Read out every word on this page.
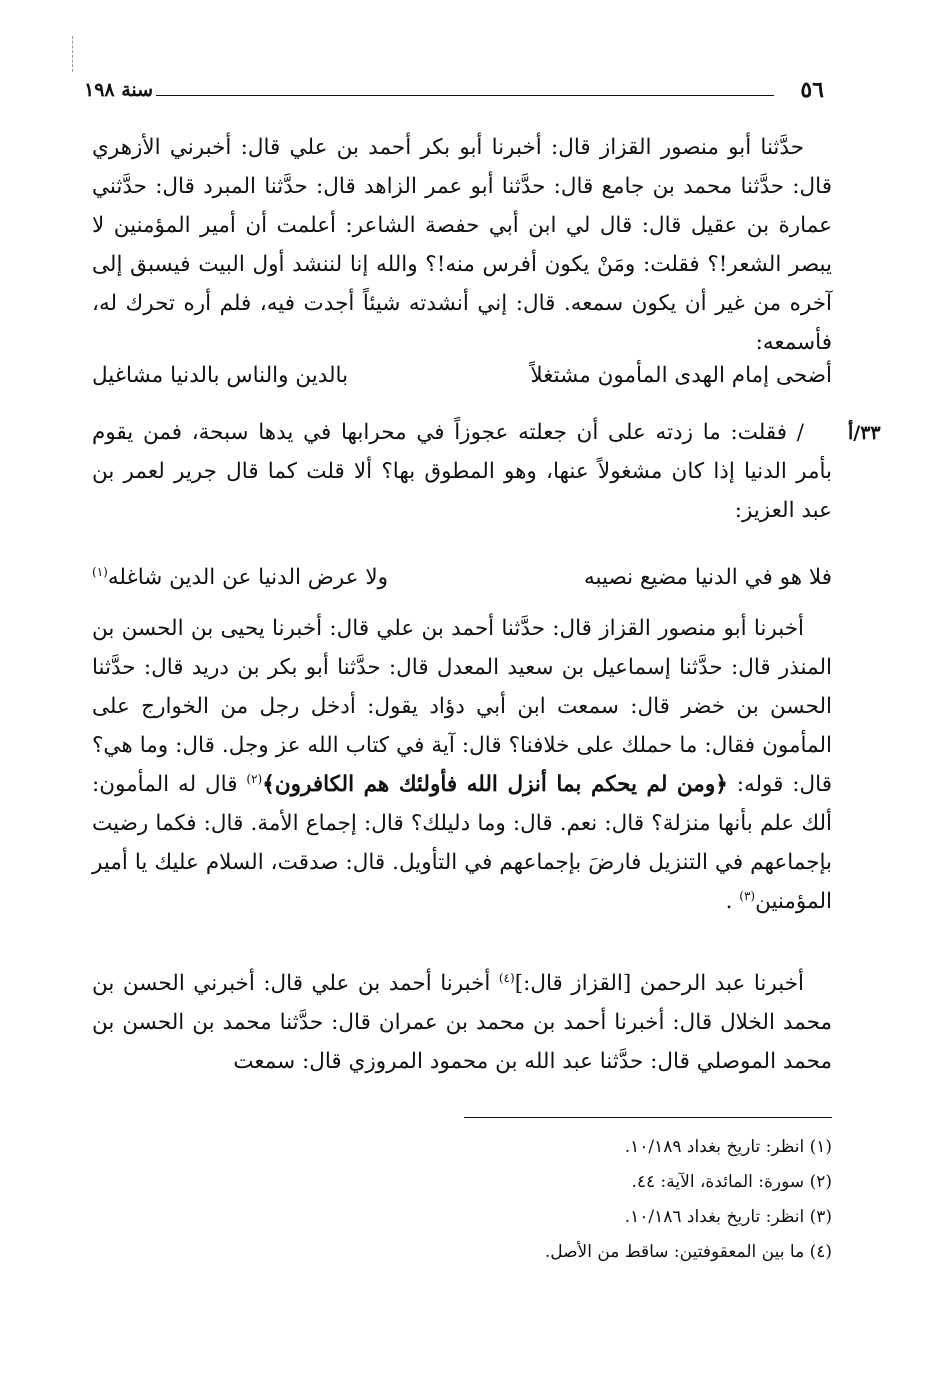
٥٦
سنة ١٩٨
٣٣/أ

حدَّثنا أبو منصور القزاز قال: أخبرنا أبو بكر أحمد بن علي قال: أخبرني الأزهري قال: حدَّثنا محمد بن جامع قال: حدَّثنا أبو عمر الزاهد قال: حدَّثنا المبرد قال: حدَّثني عمارة بن عقيل قال: قال لي ابن أبي حفصة الشاعر: أعلمت أن أمير المؤمنين لا يبصر الشعر!؟ فقلت: ومَنْ يكون أفرس منه!؟ والله إنا لننشد أول البيت فيسبق إلى آخره من غير أن يكون سمعه. قال: إني أنشدته شيئاً أجدت فيه، فلم أره تحرك له، فأسمعه:

أضحى إمام الهدى المأمون مشتغلاً
بالدين والناس بالدنيا مشاغيل

/ فقلت: ما زدته على أن جعلته عجوزاً في محرابها في يدها سبحة، فمن يقوم بأمر الدنيا إذا كان مشغولاً عنها، وهو المطوق بها؟ ألا قلت كما قال جرير لعمر بن عبد العزيز:

فلا هو في الدنيا مضيع نصيبه
ولا عرض الدنيا عن الدين شاغله$^{(١)}$

أخبرنا أبو منصور القزاز قال: حدَّثنا أحمد بن علي قال: أخبرنا يحيى بن الحسن بن المنذر قال: حدَّثنا إسماعيل بن سعيد المعدل قال: حدَّثنا أبو بكر بن دريد قال: حدَّثنا الحسن بن خضر قال: سمعت ابن أبي دؤاد يقول: أدخل رجل من الخوارج على المأمون فقال: ما حملك على خلافنا؟ قال: آية في كتاب الله عز وجل. قال: وما هي؟ قال: قوله: ﴿ومن لم يحكم بما أنزل الله فأولئك هم الكافرون﴾$^{(٢)}$ قال له المأمون: ألك علم بأنها منزلة؟ قال: نعم. قال: وما دليلك؟ قال: إجماع الأمة. قال: فكما رضيت بإجماعهم في التنزيل فارضَ بإجماعهم في التأويل. قال: صدقت، السلام عليك يا أمير المؤمنين$^{(٣)}$ .

أخبرنا عبد الرحمن [القزاز قال:]$^{(٤)}$ أخبرنا أحمد بن علي قال: أخبرني الحسن بن محمد الخلال قال: أخبرنا أحمد بن محمد بن عمران قال: حدَّثنا محمد بن الحسن بن محمد الموصلي قال: حدَّثنا عبد الله بن محمود المروزي قال: سمعت

(١) انظر: تاريخ بغداد ١٠/١٨٩.
(٢) سورة: المائدة، الآية: ٤٤.
(٣) انظر: تاريخ بغداد ١٠/١٨٦.
(٤) ما بين المعقوفتين: ساقط من الأصل.
